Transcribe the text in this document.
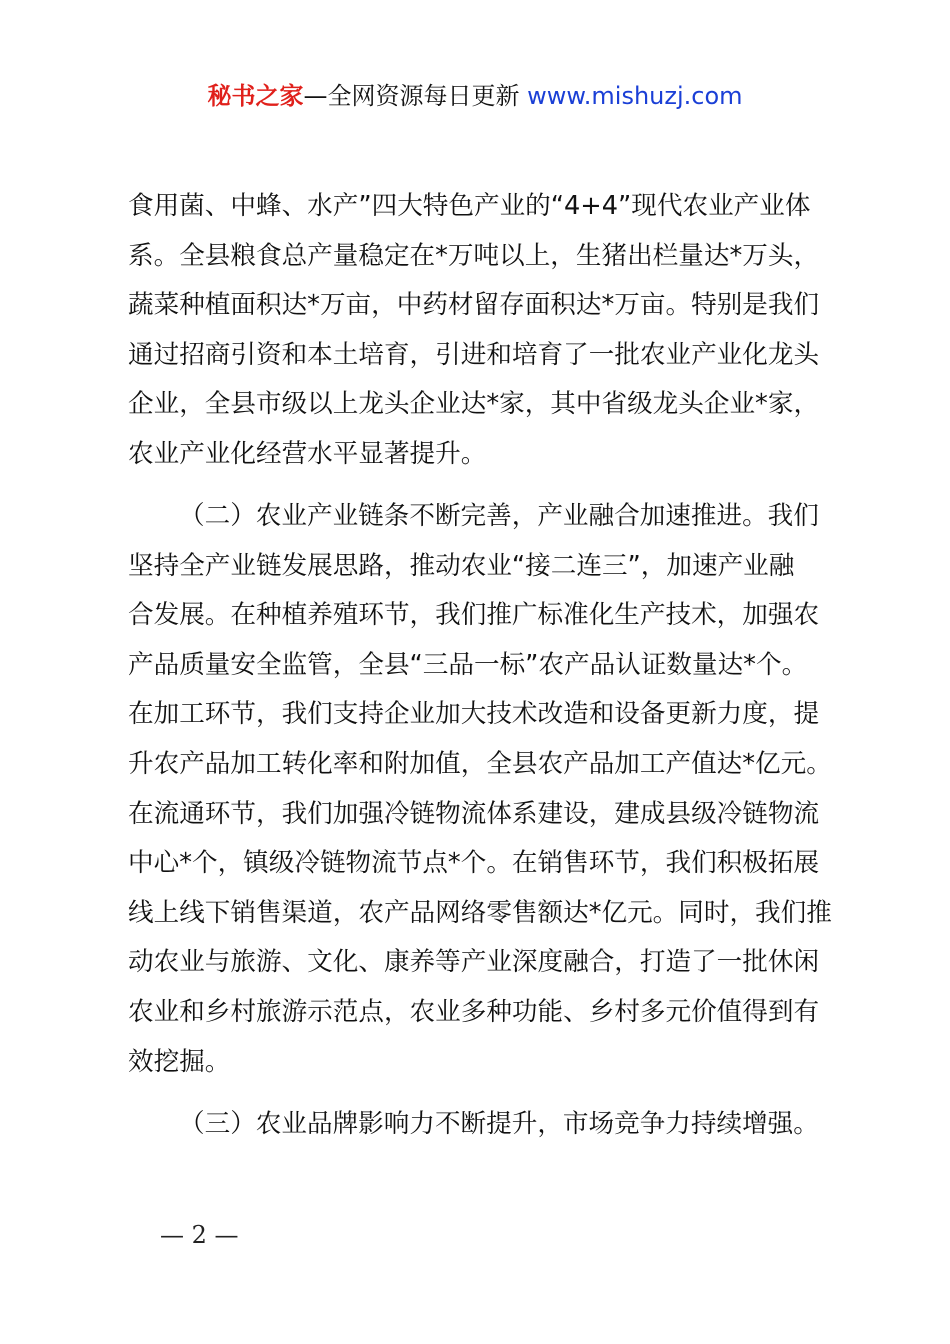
秘书之家—全网资源每日更新 www.mishuzj.com

食用菌、中蜂、水产”四大特色产业的“4+4”现代农业产业体
系。全县粮食总产量稳定在*万吨以上，生猪出栏量达*万头，
蔬菜种植面积达*万亩，中药材留存面积达*万亩。特别是我们
通过招商引资和本土培育，引进和培育了一批农业产业化龙头
企业，全县市级以上龙头企业达*家，其中省级龙头企业*家，
农业产业化经营水平显著提升。

（二）农业产业链条不断完善，产业融合加速推进。我们
坚持全产业链发展思路，推动农业“接二连三”，加速产业融
合发展。在种植养殖环节，我们推广标准化生产技术，加强农
产品质量安全监管，全县“三品一标”农产品认证数量达*个。
在加工环节，我们支持企业加大技术改造和设备更新力度，提
升农产品加工转化率和附加值，全县农产品加工产值达*亿元。
在流通环节，我们加强冷链物流体系建设，建成县级冷链物流
中心*个，镇级冷链物流节点*个。在销售环节，我们积极拓展
线上线下销售渠道，农产品网络零售额达*亿元。同时，我们推
动农业与旅游、文化、康养等产业深度融合，打造了一批休闲
农业和乡村旅游示范点，农业多种功能、乡村多元价值得到有
效挖掘。

（三）农业品牌影响力不断提升，市场竞争力持续增强。

— 2 —
